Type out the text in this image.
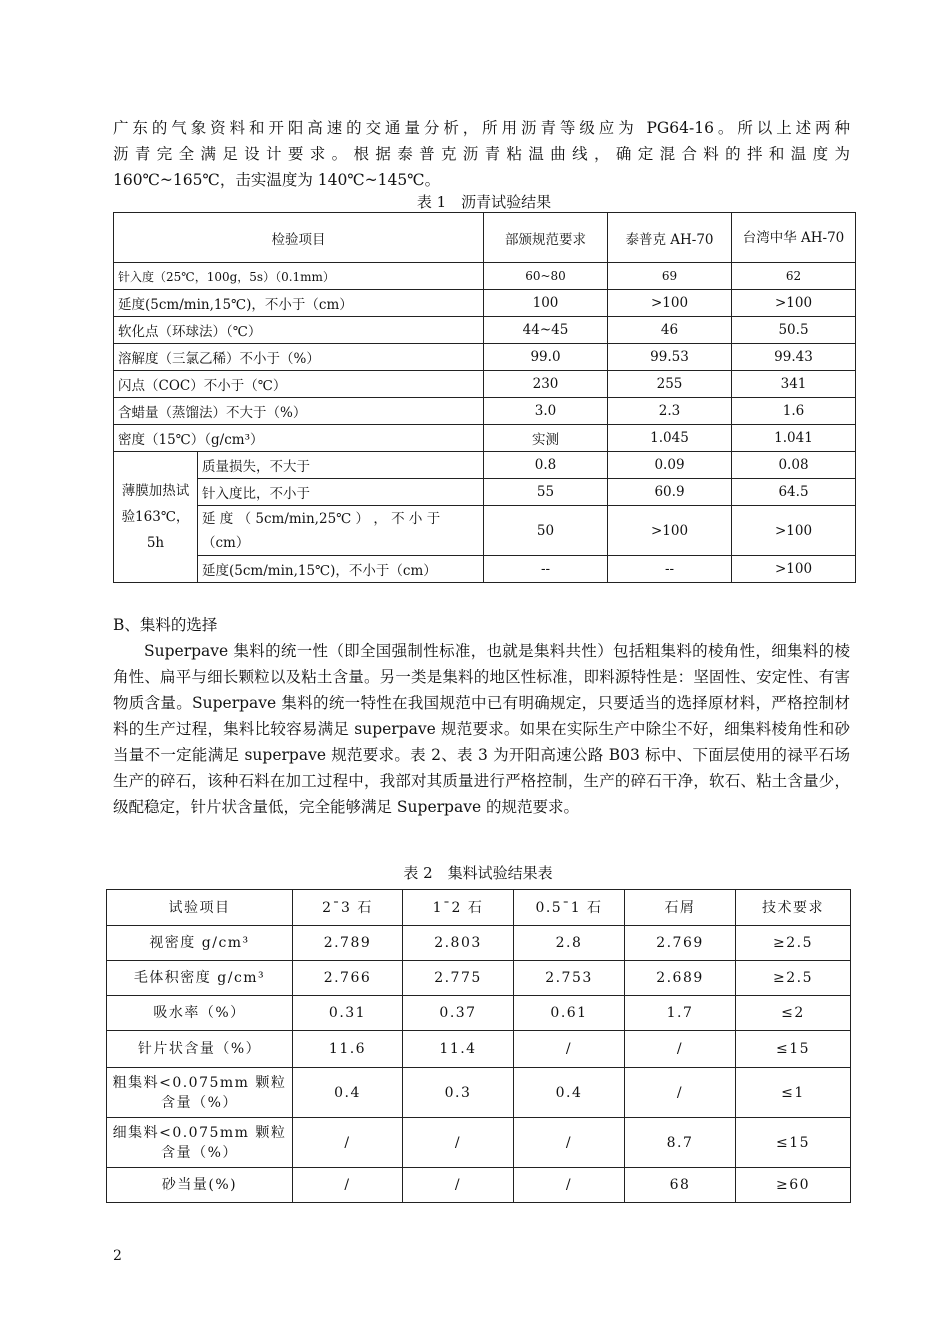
广东的气象资料和开阳高速的交通量分析，所用沥青等级应为 PG64-16。所以上述两种
沥青完全满足设计要求。根据泰普克沥青粘温曲线，确定混合料的拌和温度为
160℃~165℃，击实温度为 140℃~145℃。
表 1　沥青试验结果
检验项目		部颁规范要求	泰普克 AH-70	台湾中华 AH-70
针入度（25℃，100g，5s）（0.1mm）		60~80	69	62
延度(5cm/min,15℃)，不小于（cm）		100	>100	>100
软化点（环球法）（℃）		44~45	46	50.5
溶解度（三氯乙稀）不小于（%）		99.0	99.53	99.43
闪点（COC）不小于（℃）		230	255	341
含蜡量（蒸馏法）不大于（%）		3.0	2.3	1.6
密度（15℃）（g/cm³）		实测	1.045	1.041
薄膜加热试验163℃，5h	质量损失，不大于	0.8	0.09	0.08
	针入度比，不小于	55	60.9	64.5
	延 度 （ 5cm/min,25℃ ） ， 不 小 于（cm）	50	>100	>100
	延度(5cm/min,15℃)，不小于（cm）	--	--	>100
B、集料的选择
Superpave 集料的统一性（即全国强制性标准，也就是集料共性）包括粗集料的棱角性，细集料的棱角性、扁平与细长颗粒以及粘土含量。另一类是集料的地区性标准，即料源特性是：坚固性、安定性、有害物质含量。Superpave 集料的统一特性在我国规范中已有明确规定，只要适当的选择原材料，严格控制材料的生产过程，集料比较容易满足 superpave 规范要求。如果在实际生产中除尘不好，细集料棱角性和砂当量不一定能满足 superpave 规范要求。表 2、表 3 为开阳高速公路 B03 标中、下面层使用的禄平石场生产的碎石，该种石料在加工过程中，我部对其质量进行严格控制，生产的碎石干净，软石、粘土含量少，级配稳定，针片状含量低，完全能够满足 Superpave 的规范要求。
表 2　集料试验结果表
试验项目	2¯3 石	1¯2 石	0.5¯1 石	石屑	技术要求
视密度 g/cm³	2.789	2.803	2.8	2.769	≥2.5
毛体积密度 g/cm³	2.766	2.775	2.753	2.689	≥2.5
吸水率（%）	0.31	0.37	0.61	1.7	≤2
针片状含量（%）	11.6	11.4	/	/	≤15
粗集料<0.075mm 颗粒含量（%）	0.4	0.3	0.4	/	≤1
细集料<0.075mm 颗粒含量（%）	/	/	/	8.7	≤15
砂当量(%)	/	/	/	68	≥60
2
